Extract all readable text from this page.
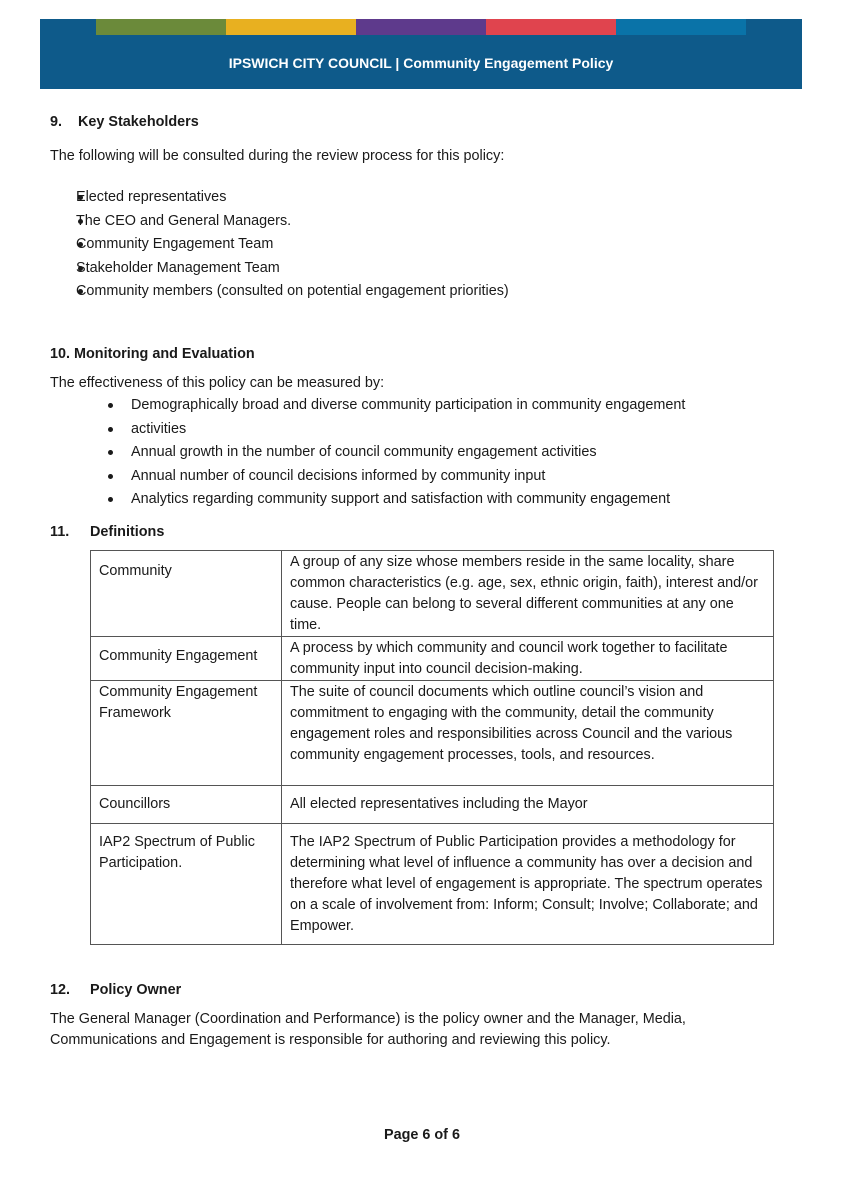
IPSWICH CITY COUNCIL | Community Engagement Policy
9. Key Stakeholders
The following will be consulted during the review process for this policy:
Elected representatives
The CEO and General Managers.
Community Engagement Team
Stakeholder Management Team
Community members (consulted on potential engagement priorities)
10. Monitoring and Evaluation
The effectiveness of this policy can be measured by:
Demographically broad and diverse community participation in community engagement
activities
Annual growth in the number of council community engagement activities
Annual number of council decisions informed by community input
Analytics regarding community support and satisfaction with community engagement
11. Definitions
Community	A group of any size whose members reside in the same locality, share common characteristics (e.g. age, sex, ethnic origin, faith), interest and/or cause. People can belong to several different communities at any one time.
Community Engagement	A process by which community and council work together to facilitate community input into council decision-making.
Community Engagement Framework	The suite of council documents which outline council’s vision and commitment to engaging with the community, detail the community engagement roles and responsibilities across Council and the various community engagement processes, tools, and resources.
Councillors	All elected representatives including the Mayor
IAP2 Spectrum of Public Participation.	The IAP2 Spectrum of Public Participation provides a methodology for determining what level of influence a community has over a decision and therefore what level of engagement is appropriate. The spectrum operates on a scale of involvement from: Inform; Consult; Involve; Collaborate; and Empower.
12. Policy Owner
The General Manager (Coordination and Performance) is the policy owner and the Manager, Media, Communications and Engagement is responsible for authoring and reviewing this policy.
Page 6 of 6
